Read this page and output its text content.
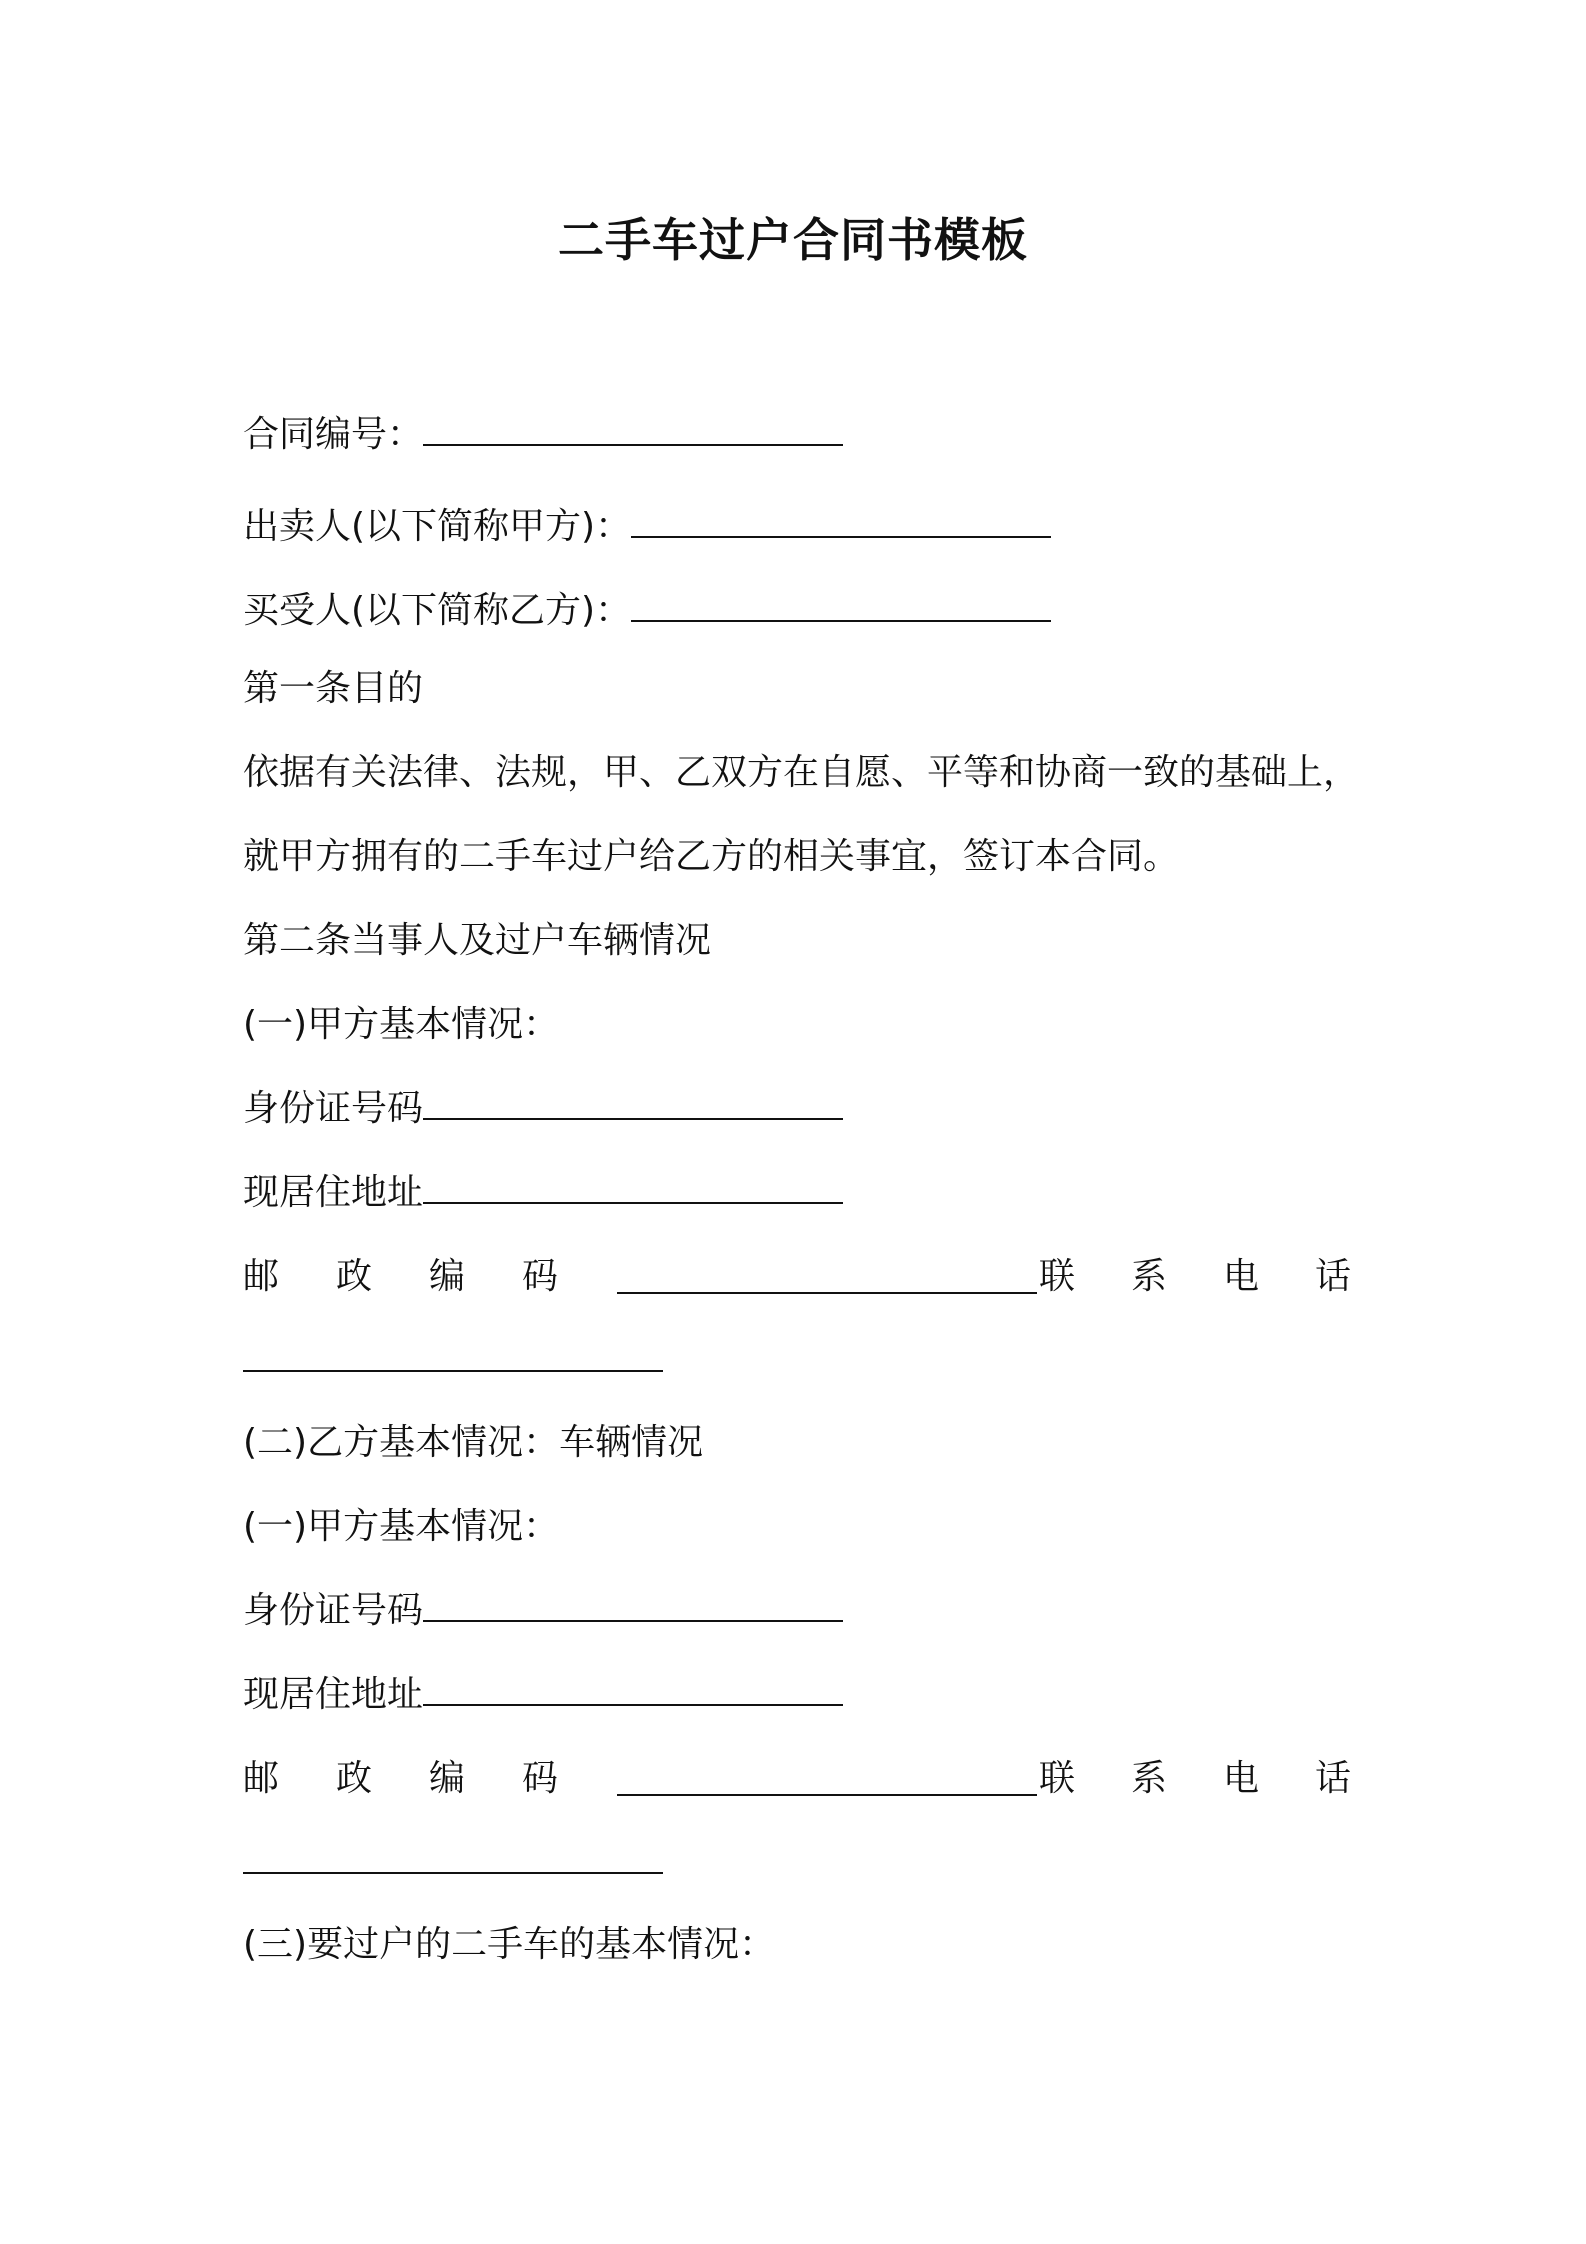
二手车过户合同书模板
合同编号：
出卖人(以下简称甲方)：
买受人(以下简称乙方)：
第一条目的
依据有关法律、法规，甲、乙双方在自愿、平等和协商一致的基础上，
就甲方拥有的二手车过户给乙方的相关事宜，签订本合同。
第二条当事人及过户车辆情况
(一)甲方基本情况：
身份证号码
现居住地址
邮 政 编 码	联 系 电 话
(二)乙方基本情况：车辆情况
(一)甲方基本情况：
身份证号码
现居住地址
邮 政 编 码	联 系 电 话
(三)要过户的二手车的基本情况：
